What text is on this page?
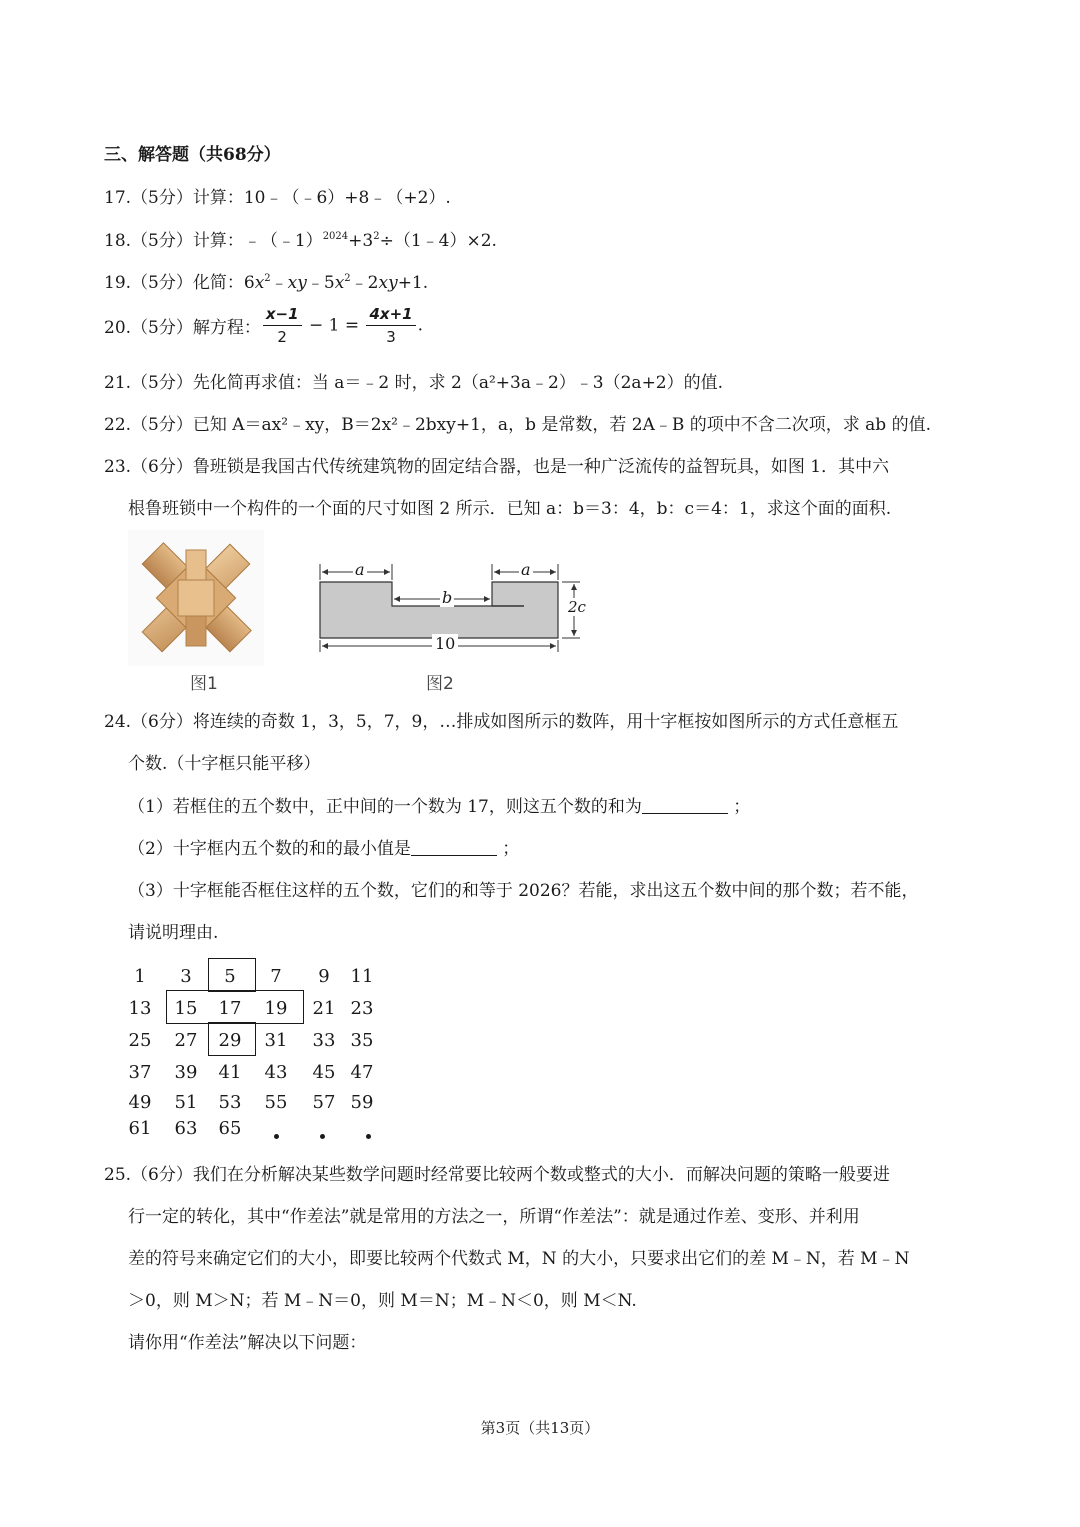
三、解答题（共68分）
17.（5分）计算：10﹣（﹣6）+8﹣（+2）.
18.（5分）计算：$﹣(﹣1)^{2024}+3^2\div(1﹣4)\times 2$.
19.（5分）化简：$6x^2﹣xy﹣5x^2﹣2xy+1$.
20.（5分）解方程： $\frac{x-1}{2} - 1 = \frac{4x+1}{3}$ .
21.（5分）先化简再求值：当 a＝﹣2 时，求 2（a²+3a﹣2）﹣3（2a+2）的值.
22.（5分）已知 A＝ax²﹣xy，B＝2x²﹣2bxy+1，a，b 是常数，若 2A﹣B 的项中不含二次项，求 ab 的值.
23.（6分）鲁班锁是我国古代传统建筑物的固定结合器，也是一种广泛流传的益智玩具，如图 1．其中六
根鲁班锁中一个构件的一个面的尺寸如图 2 所示．已知 a：b＝3：4，b：c＝4：1，求这个面的面积.
图1
a	a
b	2c
10
图2
24.（6分）将连续的奇数 1，3，5，7，9，…排成如图所示的数阵，用十字框按如图所示的方式任意框五
个数.（十字框只能平移）
（1）若框住的五个数中，正中间的一个数为 17，则这五个数的和为	；
（2）十字框内五个数的和的最小值是	；
（3）十字框能否框住这样的五个数，它们的和等于 2026？若能，求出这五个数中间的那个数；若不能，
请说明理由.
1	3	5	7	9	11
13	15	17	19	21 23
25	27	29	31	33 35
37	39	41	43	45 47
49	51	53	55	57 59
61	63	65
25.（6分）我们在分析解决某些数学问题时经常要比较两个数或整式的大小．而解决问题的策略一般要进
行一定的转化，其中“作差法”就是常用的方法之一，所谓“作差法”：就是通过作差、变形、并利用
差的符号来确定它们的大小，即要比较两个代数式 M，N 的大小，只要求出它们的差 M﹣N，若 M﹣N
＞0，则 M＞N；若 M﹣N＝0，则 M＝N；M﹣N＜0，则 M＜N.
请你用“作差法”解决以下问题：
第3页（共13页）
